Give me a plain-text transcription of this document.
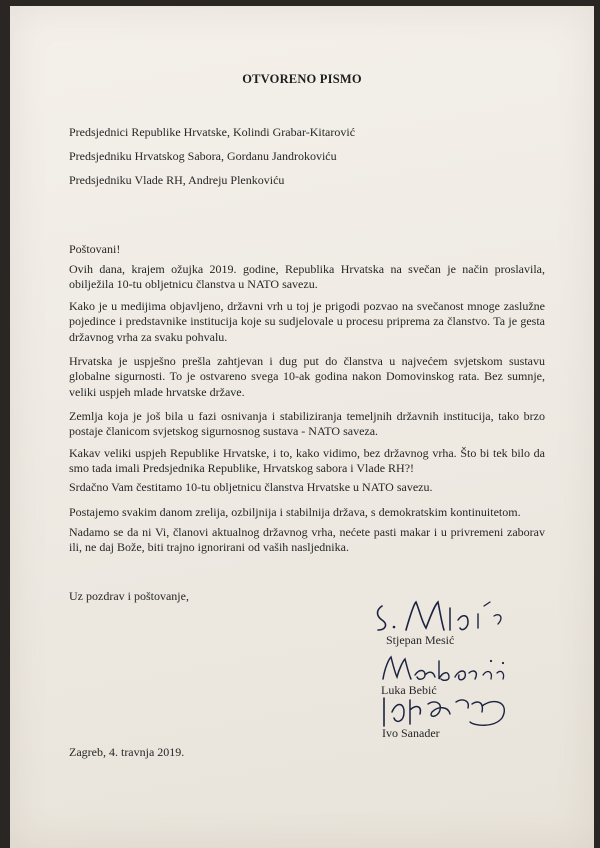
OTVORENO PISMO
Predsjednici Republike Hrvatske, Kolindi Grabar-Kitarović
Predsjedniku Hrvatskog Sabora, Gordanu Jandrokoviću
Predsjedniku Vlade RH, Andreju Plenkoviću
Poštovani!
Ovih dana, krajem ožujka 2019. godine, Republika Hrvatska na svečan je način proslavila, obilježila 10-tu obljetnicu članstva u NATO savezu.
Kako je u medijima objavljeno, državni vrh u toj je prigodi pozvao na svečanost mnoge zaslužne pojedince i predstavnike institucija koje su sudjelovale u procesu priprema za članstvo. Ta je gesta državnog vrha za svaku pohvalu.
Hrvatska je uspješno prešla zahtjevan i dug put do članstva u najvećem svjetskom sustavu globalne sigurnosti. To je ostvareno svega 10-ak godina nakon Domovinskog rata. Bez sumnje, veliki uspjeh mlade hrvatske države.
Zemlja koja je još bila u fazi osnivanja i stabiliziranja temeljnih državnih institucija, tako brzo postaje članicom svjetskog sigurnosnog sustava - NATO saveza.
Kakav veliki uspjeh Republike Hrvatske, i to, kako vidimo, bez državnog vrha. Što bi tek bilo da smo tada imali Predsjednika Republike, Hrvatskog sabora i Vlade RH?!
Srdačno Vam čestitamo 10-tu obljetnicu članstva Hrvatske u NATO savezu.
Postajemo svakim danom zrelija, ozbiljnija i stabilnija država, s demokratskim kontinuitetom.
Nadamo se da ni Vi, članovi aktualnog državnog vrha, nećete pasti makar i u privremeni zaborav ili, ne daj Bože, biti trajno ignorirani od vaših nasljednika.
Uz pozdrav i poštovanje,
Stjepan Mesić
Luka Bebić
Ivo Sanader
Zagreb, 4. travnja 2019.
